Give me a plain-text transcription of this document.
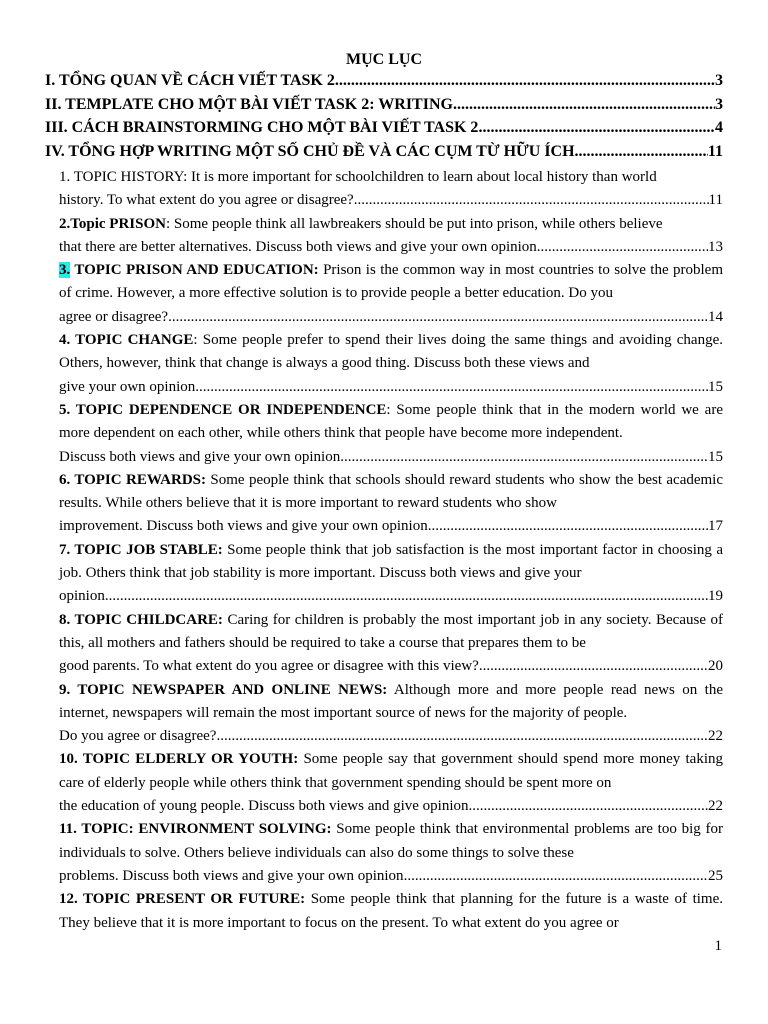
MỤC LỤC
I. TỔNG QUAN VỀ CÁCH VIẾT TASK 2 .....	3
II. TEMPLATE CHO MỘT BÀI VIẾT TASK 2: WRITING .....	3
III. CÁCH BRAINSTORMING CHO MỘT BÀI VIẾT TASK 2 .....	4
IV. TỔNG HỢP WRITING MỘT SỐ CHỦ ĐỀ VÀ CÁC CỤM TỪ HỮU ÍCH .....	11
1. TOPIC HISTORY: It is more important for schoolchildren to learn about local history than world
history. To what extent do you agree or disagree? .....	11
2.Topic PRISON: Some people think all lawbreakers should be put into prison, while others believe
that there are better alternatives. Discuss both views and give your own opinion .....	13
3. TOPIC PRISON AND EDUCATION: Prison is the common way in most countries to solve the problem of crime. However, a more effective solution is to provide people a better education. Do you
agree or disagree? .....	14
4. TOPIC CHANGE: Some people prefer to spend their lives doing the same things and avoiding change. Others, however, think that change is always a good thing. Discuss both these views and
give your own opinion .....	15
5. TOPIC DEPENDENCE OR INDEPENDENCE: Some people think that in the modern world we are more dependent on each other, while others think that people have become more independent.
Discuss both views and give your own opinion .....	15
6. TOPIC REWARDS: Some people think that schools should reward students who show the best academic results. While others believe that it is more important to reward students who show
improvement. Discuss both views and give your own opinion .....	17
7. TOPIC JOB STABLE: Some people think that job satisfaction is the most important factor in choosing a job. Others think that job stability is more important. Discuss both views and give your
opinion .....	19
8. TOPIC CHILDCARE: Caring for children is probably the most important job in any society. Because of this, all mothers and fathers should be required to take a course that prepares them to be
good parents. To what extent do you agree or disagree with this view? .....	20
9. TOPIC NEWSPAPER AND ONLINE NEWS: Although more and more people read news on the internet, newspapers will remain the most important source of news for the majority of people.
Do you agree or disagree? .....	22
10. TOPIC ELDERLY OR YOUTH: Some people say that government should spend more money taking care of elderly people while others think that government spending should be spent more on
the education of young people. Discuss both views and give opinion .....	22
11. TOPIC: ENVIRONMENT SOLVING: Some people think that environmental problems are too big for individuals to solve. Others believe individuals can also do some things to solve these
problems. Discuss both views and give your own opinion .....	25
12. TOPIC PRESENT OR FUTURE: Some people think that planning for the future is a waste of time. They believe that it is more important to focus on the present. To what extent do you agree or
1
